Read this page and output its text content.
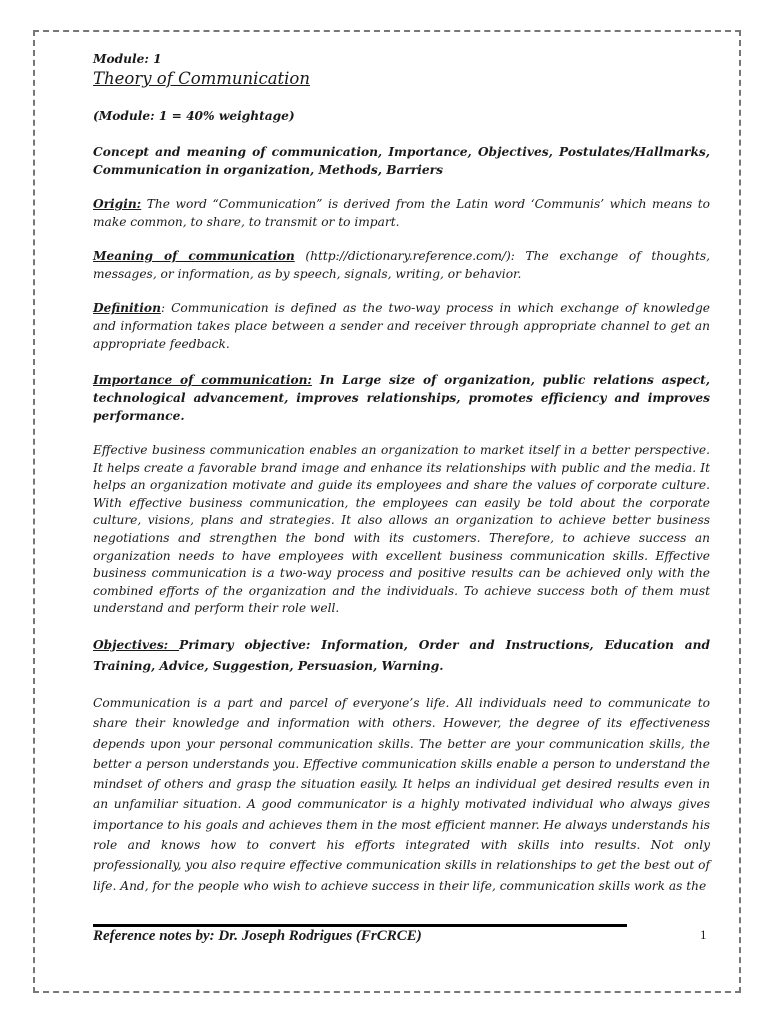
Module: 1
Theory of Communication
(Module: 1 = 40% weightage)
Concept and meaning of communication, Importance, Objectives, Postulates/Hallmarks, Communication in organization, Methods, Barriers
Origin: The word “Communication” is derived from the Latin word ‘Communis’ which means to make common, to share, to transmit or to impart.
Meaning of communication (http://dictionary.reference.com/): The exchange of thoughts, messages, or information, as by speech, signals, writing, or behavior.
Definition: Communication is defined as the two-way process in which exchange of knowledge and information takes place between a sender and receiver through appropriate channel to get an appropriate feedback.
Importance of communication: In Large size of organization, public relations aspect, technological advancement, improves relationships, promotes efficiency and improves performance.
Effective business communication enables an organization to market itself in a better perspective. It helps create a favorable brand image and enhance its relationships with public and the media. It helps an organization motivate and guide its employees and share the values of corporate culture. With effective business communication, the employees can easily be told about the corporate culture, visions, plans and strategies. It also allows an organization to achieve better business negotiations and strengthen the bond with its customers. Therefore, to achieve success an organization needs to have employees with excellent business communication skills. Effective business communication is a two-way process and positive results can be achieved only with the combined efforts of the organization and the individuals. To achieve success both of them must understand and perform their role well.
Objectives: Primary objective: Information, Order and Instructions, Education and Training, Advice, Suggestion, Persuasion, Warning.
Communication is a part and parcel of everyone’s life. All individuals need to communicate to share their knowledge and information with others. However, the degree of its effectiveness depends upon your personal communication skills. The better are your communication skills, the better a person understands you. Effective communication skills enable a person to understand the mindset of others and grasp the situation easily. It helps an individual get desired results even in an unfamiliar situation. A good communicator is a highly motivated individual who always gives importance to his goals and achieves them in the most efficient manner. He always understands his role and knows how to convert his efforts integrated with skills into results. Not only professionally, you also require effective communication skills in relationships to get the best out of life. And, for the people who wish to achieve success in their life, communication skills work as the
Reference notes by: Dr. Joseph Rodrigues (FrCRCE)	1
